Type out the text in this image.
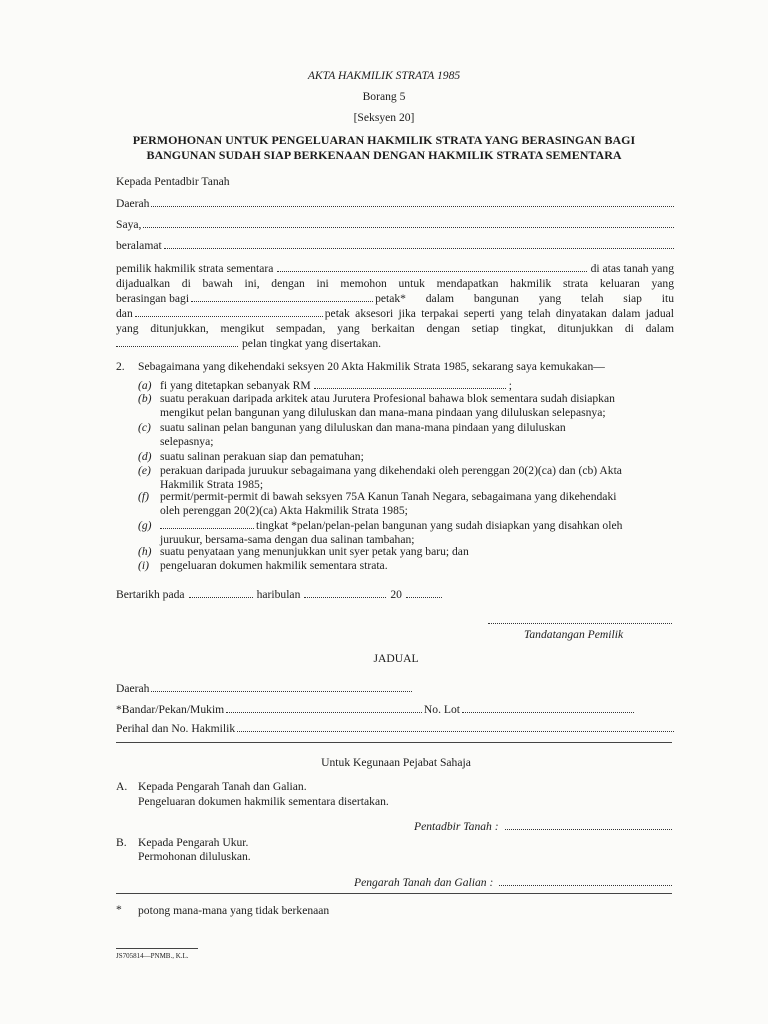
AKTA HAKMILIK STRATA 1985
Borang 5
[Seksyen 20]
PERMOHONAN UNTUK PENGELUARAN HAKMILIK STRATA YANG BERASINGAN BAGI
BANGUNAN SUDAH SIAP BERKENAAN DENGAN HAKMILIK STRATA SEMENTARA
Kepada Pentadbir Tanah
Daerah
Saya,
beralamat
pemilik hakmilik strata sementara	di atas tanah yang
dijadualkan di bawah ini, dengan ini memohon untuk mendapatkan hakmilik strata keluaran yang
berasingan bagi	petak* dalam bangunan yang telah siap itu
dan	petak aksesori jika terpakai seperti yang telah dinyatakan dalam jadual
yang ditunjukkan, mengikut sempadan, yang berkaitan dengan setiap tingkat, ditunjukkan di dalam
pelan tingkat yang disertakan.
2. Sebagaimana yang dikehendaki seksyen 20 Akta Hakmilik Strata 1985, sekarang saya kemukakan—
(a) fi yang ditetapkan sebanyak RM	;
(b) suatu perakuan daripada arkitek atau Jurutera Profesional bahawa blok sementara sudah disiapkan
mengikut pelan bangunan yang diluluskan dan mana-mana pindaan yang diluluskan selepasnya;
(c) suatu salinan pelan bangunan yang diluluskan dan mana-mana pindaan yang diluluskan
selepasnya;
(d) suatu salinan perakuan siap dan pematuhan;
(e) perakuan daripada juruukur sebagaimana yang dikehendaki oleh perenggan 20(2)(ca) dan (cb) Akta
Hakmilik Strata 1985;
(f) permit/permit-permit di bawah seksyen 75A Kanun Tanah Negara, sebagaimana yang dikehendaki
oleh perenggan 20(2)(ca) Akta Hakmilik Strata 1985;
(g)	tingkat *pelan/pelan-pelan bangunan yang sudah disiapkan yang disahkan oleh
juruukur, bersama-sama dengan dua salinan tambahan;
(h) suatu penyataan yang menunjukkan unit syer petak yang baru; dan
(i) pengeluaran dokumen hakmilik sementara strata.
Bertarikh pada	haribulan	20
Tandatangan Pemilik
JADUAL
Daerah
*Bandar/Pekan/Mukim	No. Lot
Perihal dan No. Hakmilik
Untuk Kegunaan Pejabat Sahaja
A. Kepada Pengarah Tanah dan Galian.
Pengeluaran dokumen hakmilik sementara disertakan.
Pentadbir Tanah :
B. Kepada Pengarah Ukur.
Permohonan diluluskan.
Pengarah Tanah dan Galian :
* potong mana-mana yang tidak berkenaan
JS705814—PNMB., K.L.
